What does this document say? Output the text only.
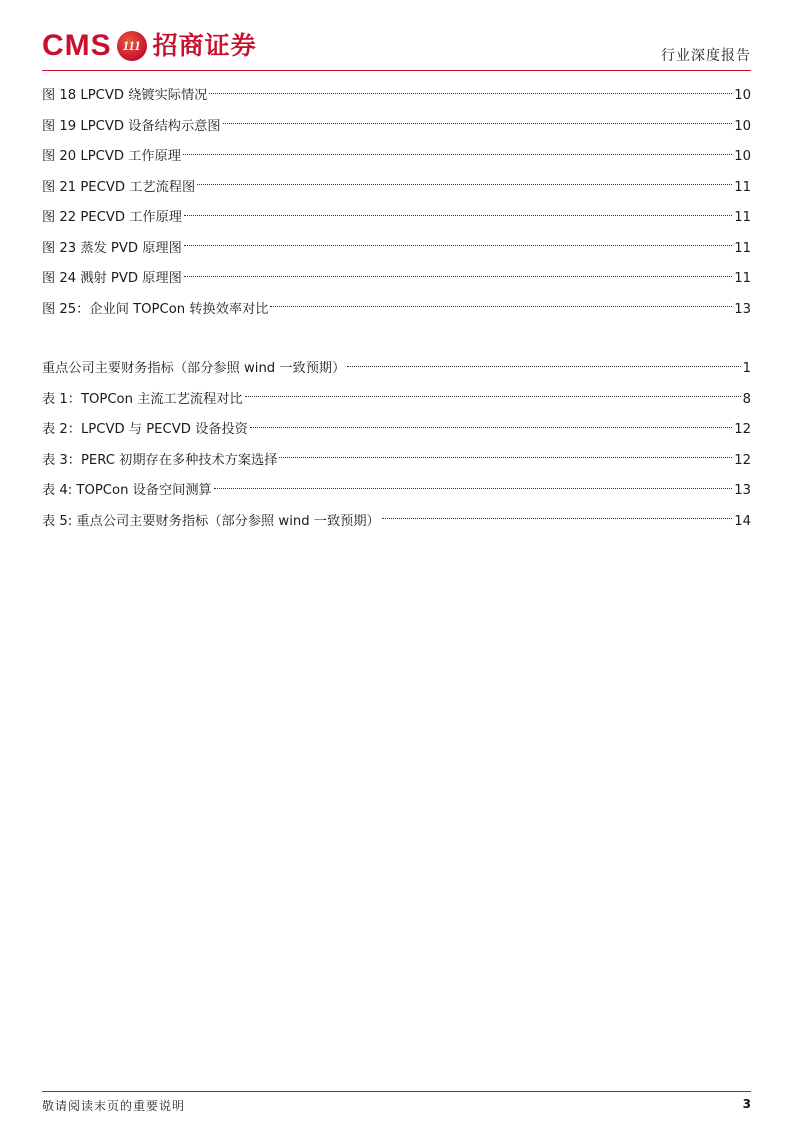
CMS 111 招商证券	行业深度报告
图 18 LPCVD 绕镀实际情况	10
图 19 LPCVD 设备结构示意图	10
图 20 LPCVD 工作原理	10
图 21 PECVD 工艺流程图	11
图 22 PECVD 工作原理	11
图 23 蒸发 PVD 原理图	11
图 24 溅射 PVD 原理图	11
图 25：企业间 TOPCon 转换效率对比	13
重点公司主要财务指标（部分参照 wind 一致预期）	1
表 1：TOPCon 主流工艺流程对比	8
表 2：LPCVD 与 PECVD 设备投资	12
表 3：PERC 初期存在多种技术方案选择	12
表 4: TOPCon 设备空间测算	13
表 5: 重点公司主要财务指标（部分参照 wind 一致预期）	14
敬请阅读末页的重要说明	3
